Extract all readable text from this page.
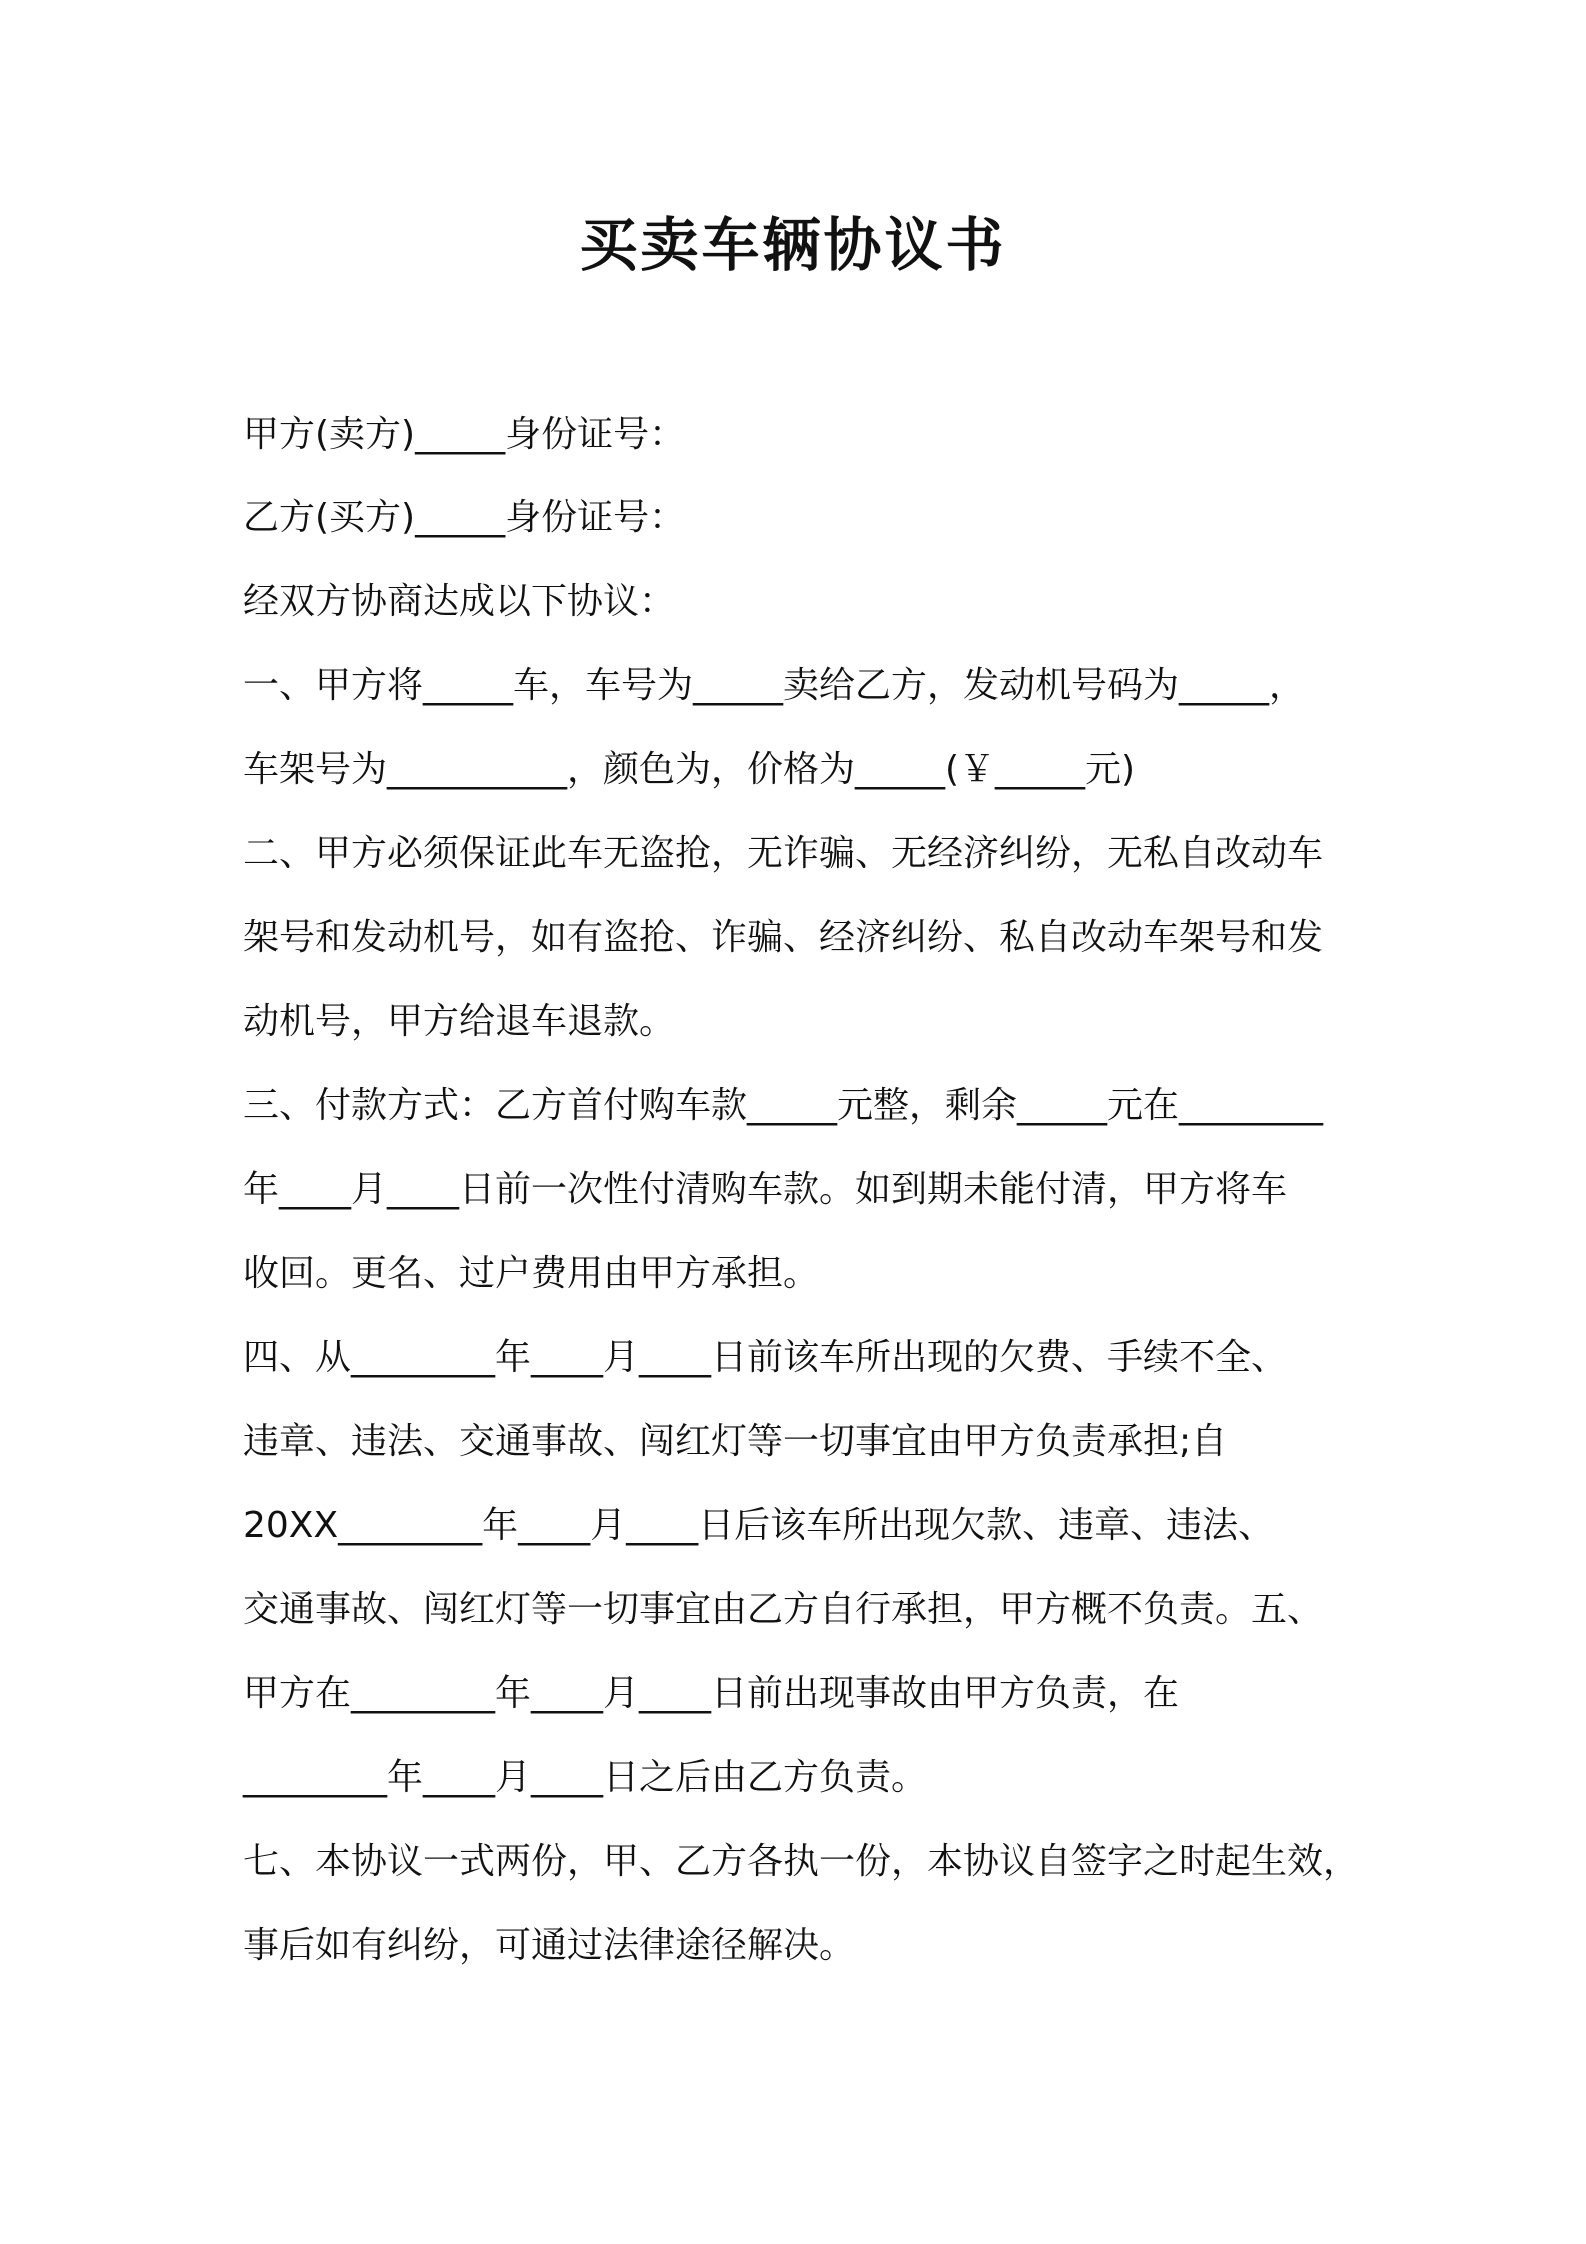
买卖车辆协议书
甲方(卖方)_____身份证号：
乙方(买方)_____身份证号：
经双方协商达成以下协议：
一、甲方将_____车，车号为_____卖给乙方，发动机号码为_____，
车架号为__________，颜色为，价格为_____(￥_____元)
二、甲方必须保证此车无盗抢，无诈骗、无经济纠纷，无私自改动车
架号和发动机号，如有盗抢、诈骗、经济纠纷、私自改动车架号和发
动机号，甲方给退车退款。
三、付款方式：乙方首付购车款_____元整，剩余_____元在________
年____月____日前一次性付清购车款。如到期未能付清，甲方将车
收回。更名、过户费用由甲方承担。
四、从________年____月____日前该车所出现的欠费、手续不全、
违章、违法、交通事故、闯红灯等一切事宜由甲方负责承担;自
20XX________年____月____日后该车所出现欠款、违章、违法、
交通事故、闯红灯等一切事宜由乙方自行承担，甲方概不负责。五、
甲方在________年____月____日前出现事故由甲方负责，在
________年____月____日之后由乙方负责。
七、本协议一式两份，甲、乙方各执一份，本协议自签字之时起生效，
事后如有纠纷，可通过法律途径解决。
